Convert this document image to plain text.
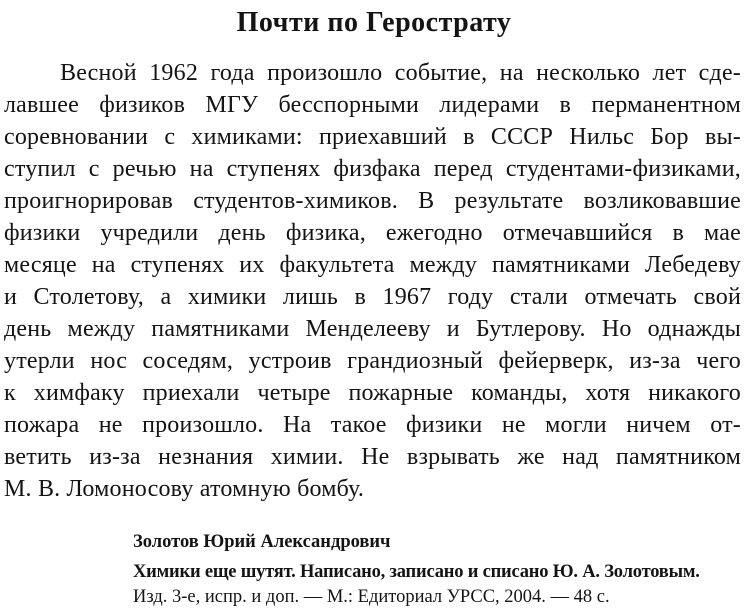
Почти по Герострату
Весной 1962 года произошло событие, на несколько лет сде-
лавшее физиков МГУ бесспорными лидерами в перманентном
соревновании с химиками: приехавший в СССР Нильс Бор вы-
ступил с речью на ступенях физфака перед студентами-физиками,
проигнорировав студентов-химиков. В результате возликовавшие
физики учредили день физика, ежегодно отмечавшийся в мае
месяце на ступенях их факультета между памятниками Лебедеву
и Столетову, а химики лишь в 1967 году стали отмечать свой
день между памятниками Менделееву и Бутлерову. Но однажды
утерли нос соседям, устроив грандиозный фейерверк, из-за чего
к химфаку приехали четыре пожарные команды, хотя никакого
пожара не произошло. На такое физики не могли ничем от-
ветить из-за незнания химии. Не взрывать же над памятником
М. В. Ломоносову атомную бомбу.
Золотов Юрий Александрович
Химики еще шутят. Написано, записано и списано Ю. А. Золотовым.
Изд. 3-е, испр. и доп. — М.: Едиториал УРСС, 2004. — 48 с.
